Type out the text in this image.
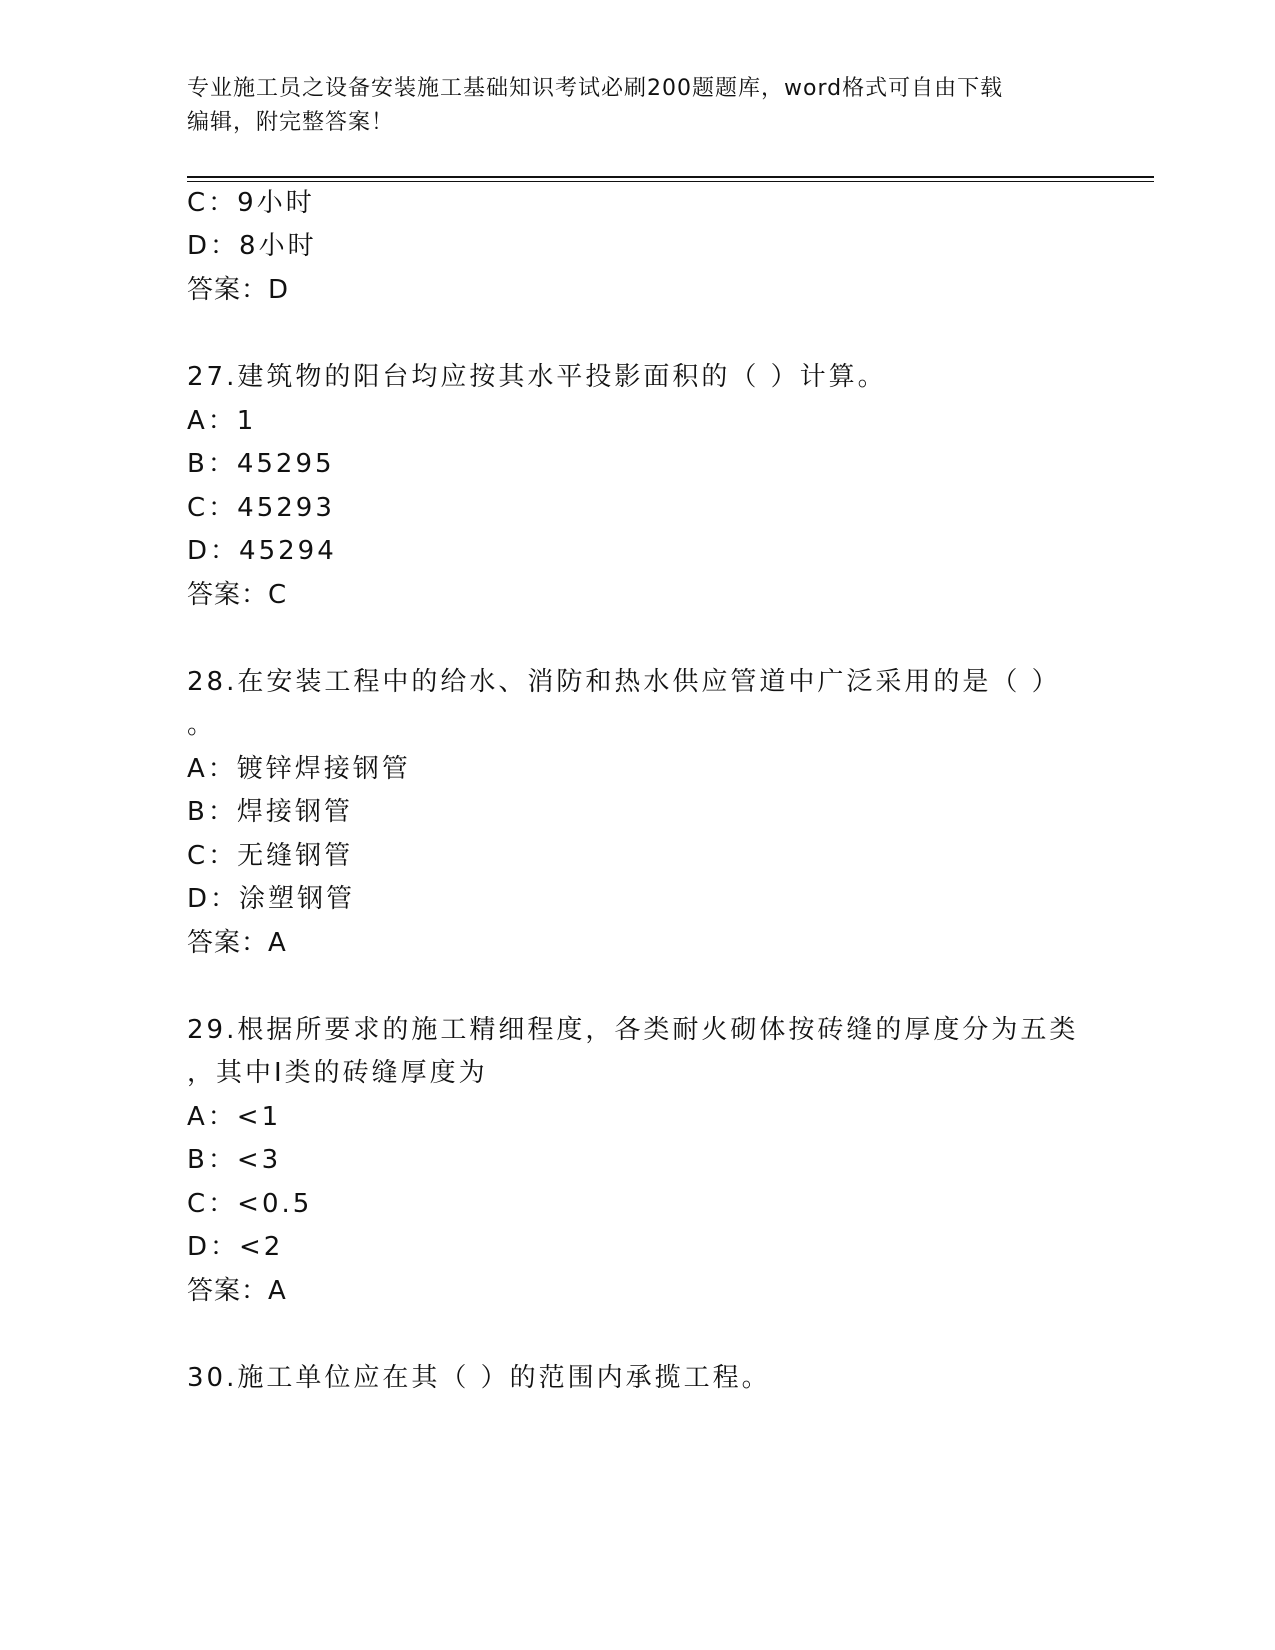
专业施工员之设备安装施工基础知识考试必刷200题题库，word格式可自由下载
编辑，附完整答案！
C：9小时
D：8小时
答案：D
27.建筑物的阳台均应按其水平投影面积的（ ）计算。
A：1
B：45295
C：45293
D：45294
答案：C
28.在安装工程中的给水、消防和热水供应管道中广泛采用的是（ ）
。
A：镀锌焊接钢管
B：焊接钢管
C：无缝钢管
D：涂塑钢管
答案：A
29.根据所要求的施工精细程度，各类耐火砌体按砖缝的厚度分为五类
，其中Ⅰ类的砖缝厚度为
A：<1
B：<3
C：<0.5
D：<2
答案：A
30.施工单位应在其（ ）的范围内承揽工程。
